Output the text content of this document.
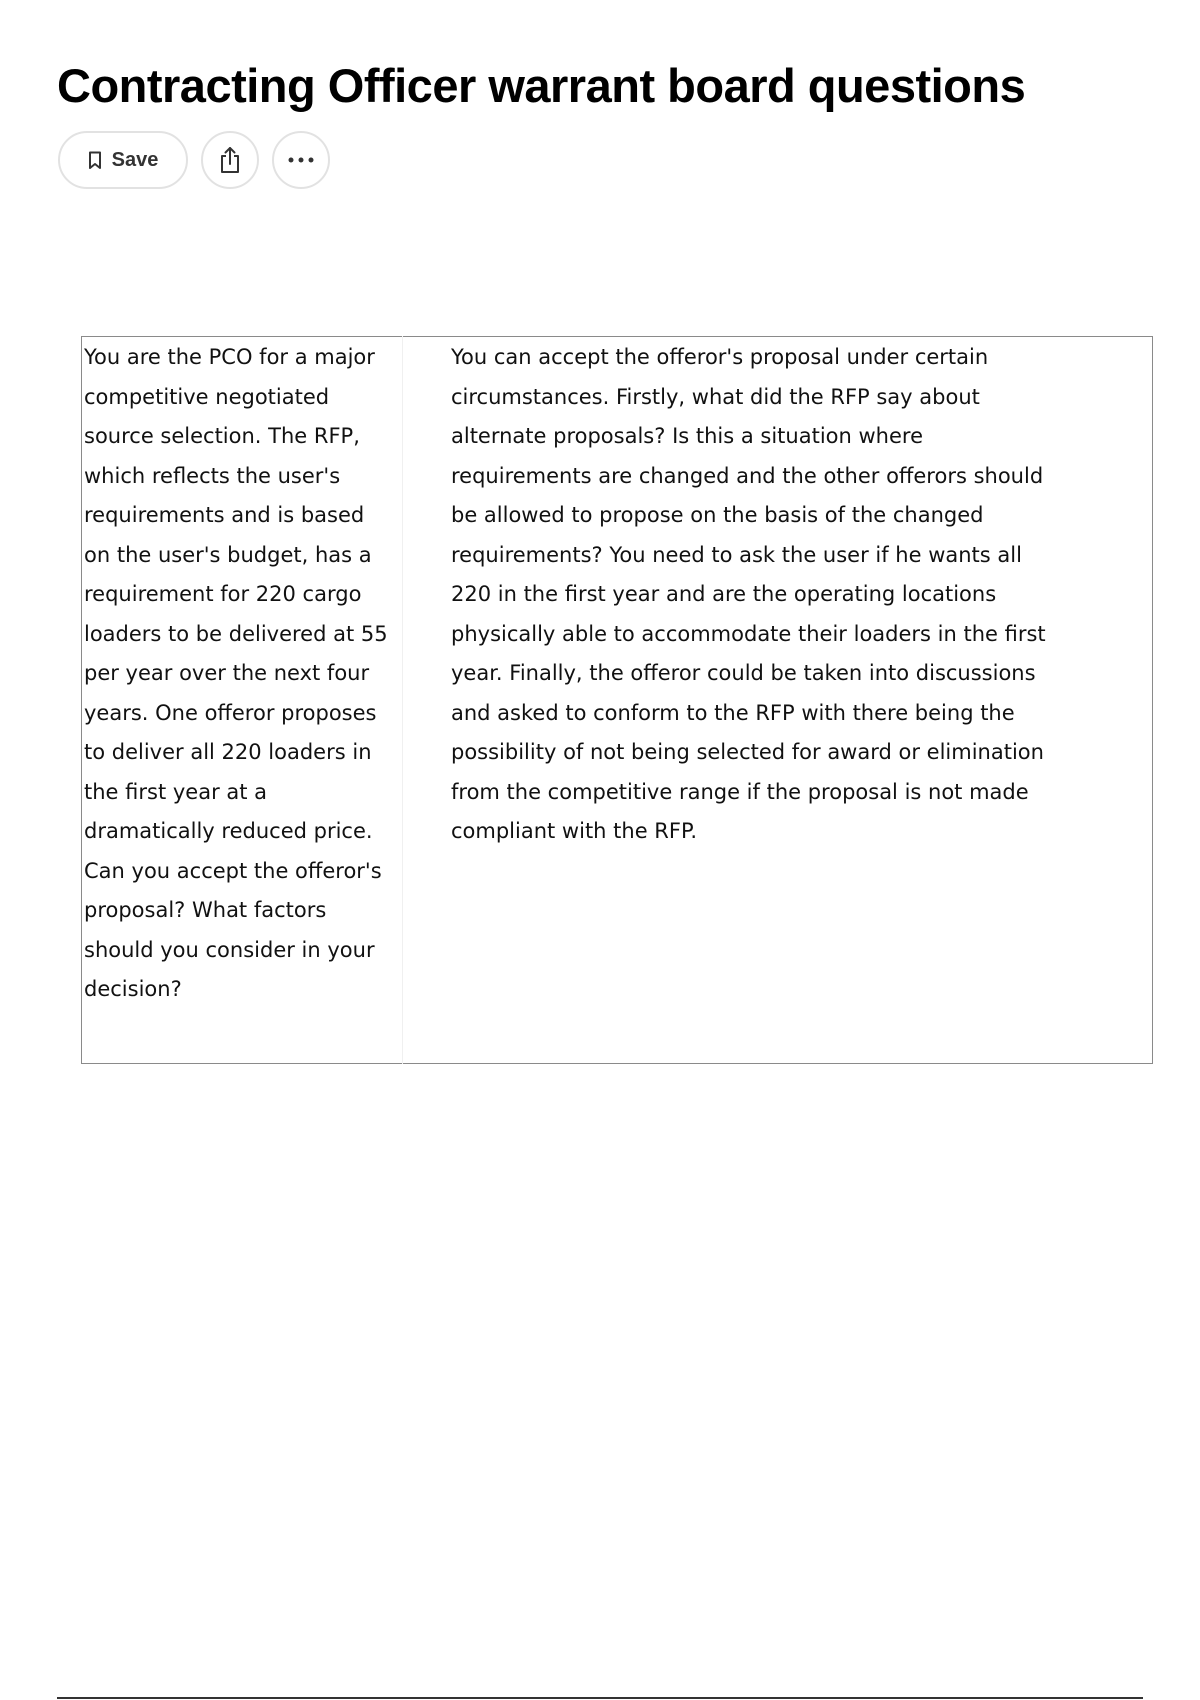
Contracting Officer warrant board questions
Save

You are the PCO for a major competitive negotiated source selection. The RFP, which reflects the user's requirements and is based on the user's budget, has a requirement for 220 cargo loaders to be delivered at 55 per year over the next four years. One offeror proposes to deliver all 220 loaders in the first year at a dramatically reduced price. Can you accept the offeror's proposal? What factors should you consider in your decision?

You can accept the offeror's proposal under certain circumstances. Firstly, what did the RFP say about alternate proposals? Is this a situation where requirements are changed and the other offerors should be allowed to propose on the basis of the changed requirements? You need to ask the user if he wants all 220 in the first year and are the operating locations physically able to accommodate their loaders in the first year. Finally, the offeror could be taken into discussions and asked to conform to the RFP with there being the possibility of not being selected for award or elimination from the competitive range if the proposal is not made compliant with the RFP.
